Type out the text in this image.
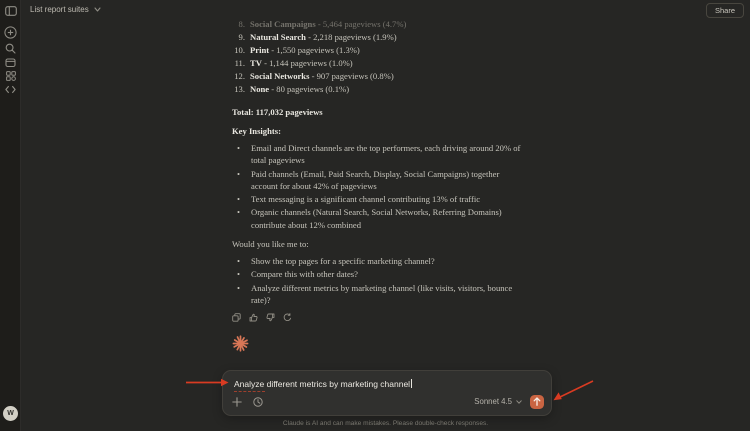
W
List report suites	Share
8. Social Campaigns - 5,464 pageviews (4.7%)
9. Natural Search - 2,218 pageviews (1.9%)
10. Print - 1,550 pageviews (1.3%)
11. TV - 1,144 pageviews (1.0%)
12. Social Networks - 907 pageviews (0.8%)
13. None - 80 pageviews (0.1%)

Total: 117,032 pageviews

Key Insights:

•	Email and Direct channels are the top performers, each driving around 20% of total pageviews
•	Paid channels (Email, Paid Search, Display, Social Campaigns) together account for about 42% of pageviews
•	Text messaging is a significant channel contributing 13% of traffic
•	Organic channels (Natural Search, Social Networks, Referring Domains) contribute about 12% combined

Would you like me to:

•	Show the top pages for a specific marketing channel?
•	Compare this with other dates?
•	Analyze different metrics by marketing channel (like visits, visitors, bounce rate)?
Analyze different metrics by marketing channel
Sonnet 4.5
Claude is AI and can make mistakes. Please double-check responses.
